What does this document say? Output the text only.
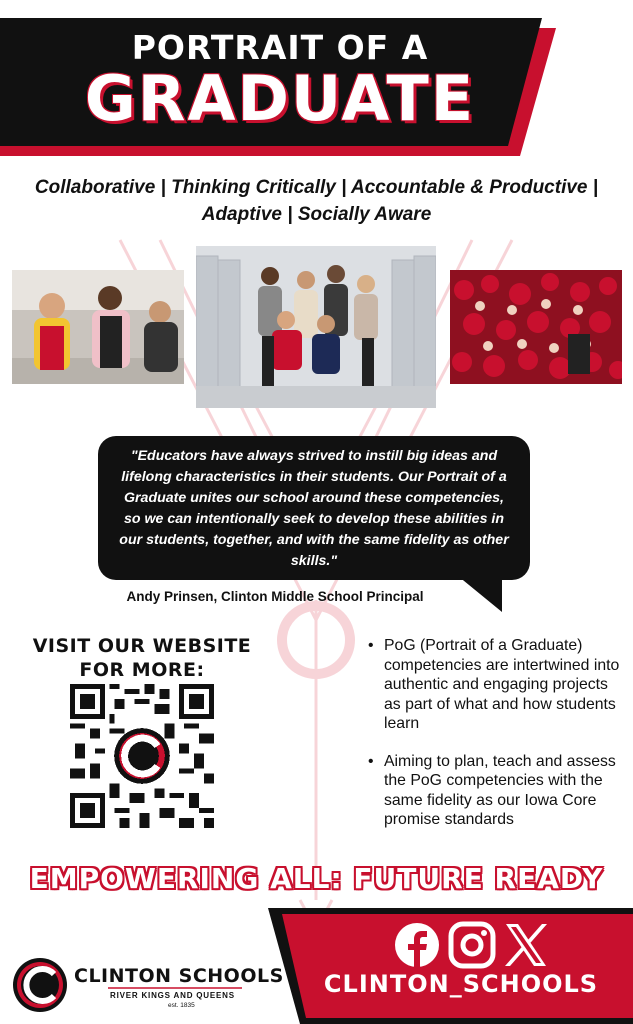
PORTRAIT OF A
GRADUATE
Collaborative | Thinking Critically | Accountable & Productive |
Adaptive | Socially Aware
"Educators have always strived to instill big ideas and lifelong characteristics in their students. Our Portrait of a Graduate unites our school around these competencies, so we can intentionally seek to develop these abilities in our students, together, and with the same fidelity as other skills."
Andy Prinsen, Clinton Middle School Principal
VISIT OUR WEBSITE
FOR MORE:
• PoG (Portrait of a Graduate) competencies are intertwined into authentic and engaging projects as part of what and how students learn
• Aiming to plan, teach and assess the PoG competencies with the same fidelity as our Iowa Core promise standards
EMPOWERING ALL: FUTURE READY
CLINTON_SCHOOLS
CLINTON SCHOOLS
RIVER KINGS AND QUEENS
est. 1835
